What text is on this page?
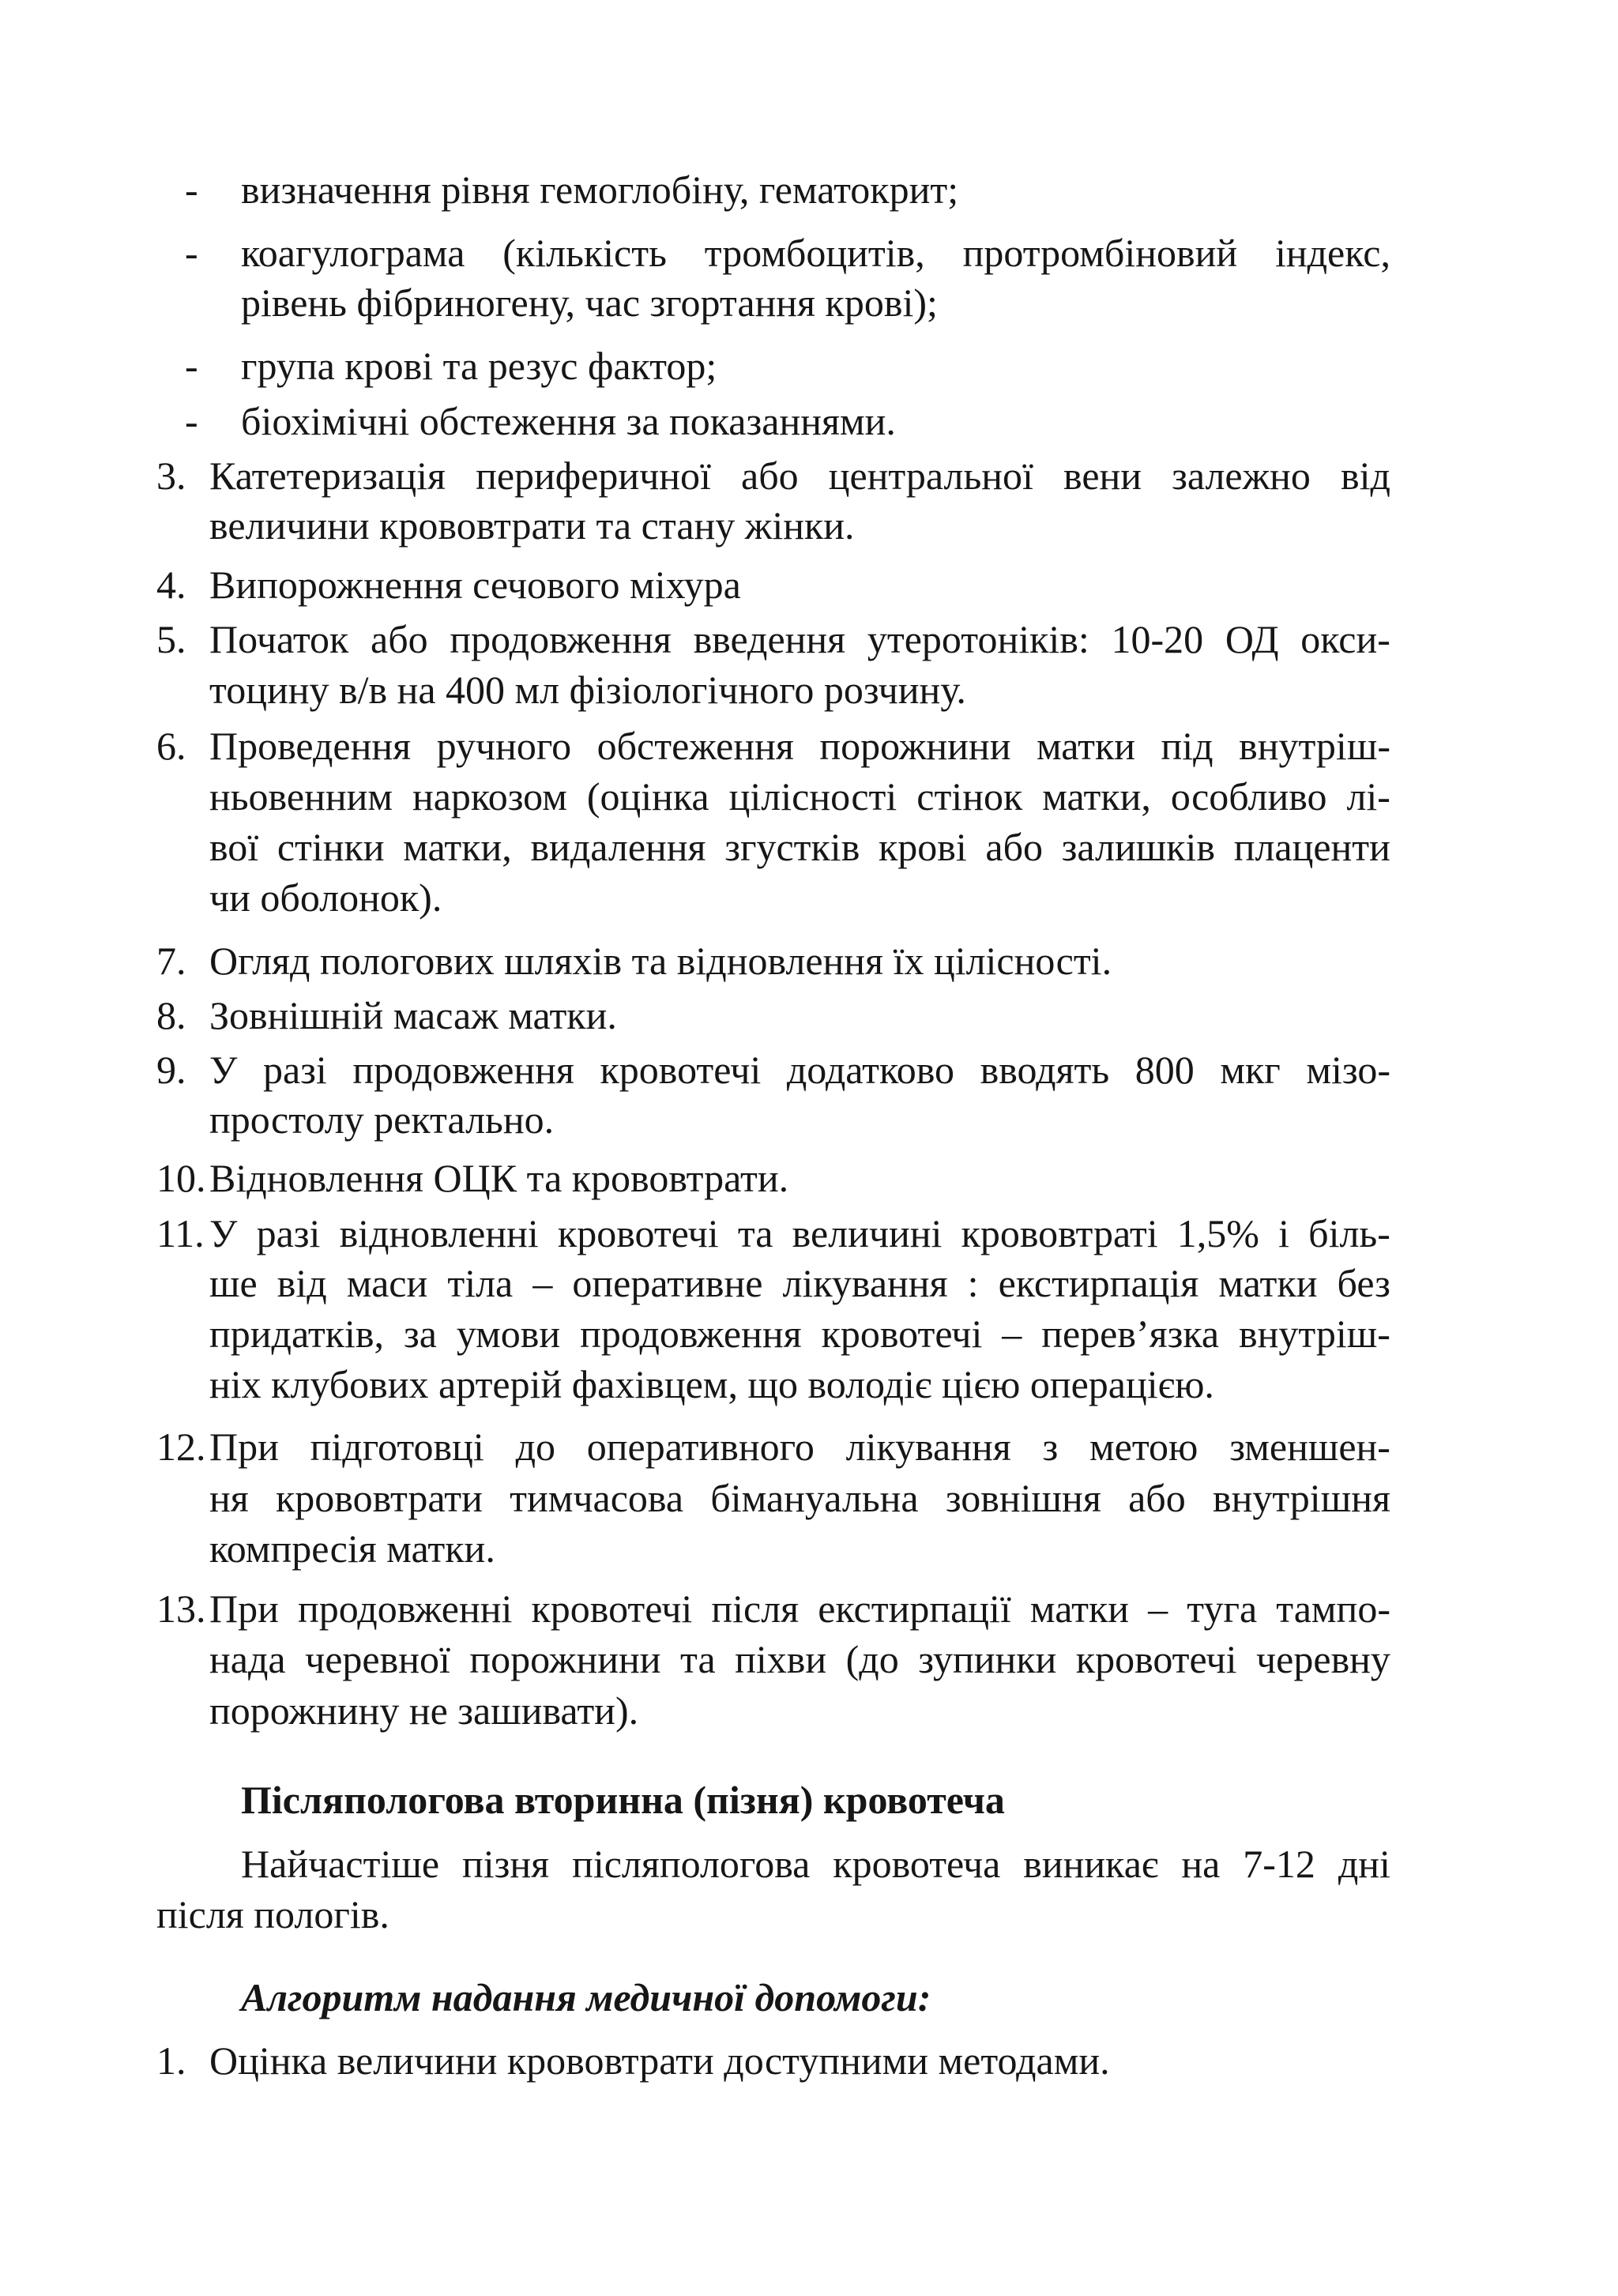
- визначення рівня гемоглобіну, гематокрит;
- коагулограма (кількість тромбоцитів, протромбіновий індекс,
рівень фібриногену, час згортання крові);
- група крові та резус фактор;
- біохімічні обстеження за показаннями.
3. Катетеризація периферичної або центральної вени залежно від
величини крововтрати та стану жінки.
4. Випорожнення сечового міхура
5. Початок або продовження введення утеротоніків: 10-20 ОД окси-
тоцину в/в на 400 мл фізіологічного розчину.
6. Проведення ручного обстеження порожнини матки під внутріш-
ньовенним наркозом (оцінка цілісності стінок матки, особливо лі-
вої стінки матки, видалення згустків крові або залишків плаценти
чи оболонок).
7. Огляд пологових шляхів та відновлення їх цілісності.
8. Зовнішній масаж матки.
9. У разі продовження кровотечі додатково вводять 800 мкг мізо-
простолу ректально.
10. Відновлення ОЦК та крововтрати.
11. У разі відновленні кровотечі та величині крововтраті 1,5% і біль-
ше від маси тіла – оперативне лікування : екстирпація матки без
придатків, за умови продовження кровотечі – перев’язка внутріш-
ніх клубових артерій фахівцем, що володіє цією операцією.
12. При підготовці до оперативного лікування з метою зменшен-
ня крововтрати тимчасова бімануальна зовнішня або внутрішня
компресія матки.
13. При продовженні кровотечі після екстирпації матки – туга тампо-
нада черевної порожнини та піхви (до зупинки кровотечі черевну
порожнину не зашивати).
Післяпологова вторинна (пізня) кровотеча
Найчастіше пізня післяпологова кровотеча виникає на 7-12 дні
після пологів.
Алгоритм надання медичної допомоги:
1. Оцінка величини крововтрати доступними методами.
